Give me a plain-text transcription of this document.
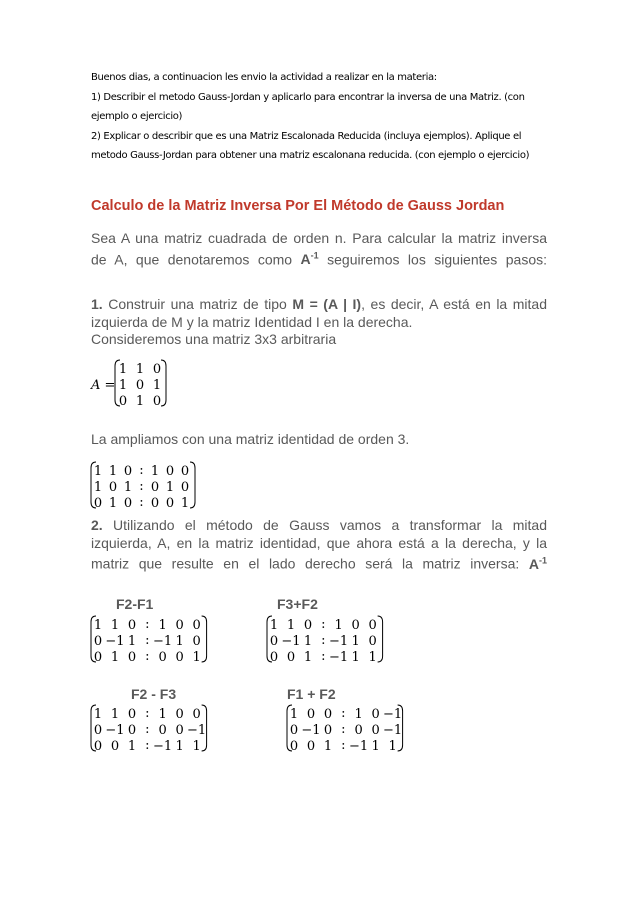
Buenos dias, a continuacion les envio la actividad a realizar en la materia:
1) Describir el metodo Gauss-Jordan y aplicarlo para encontrar la inversa de una Matriz. (con
ejemplo o ejercicio)
2) Explicar o describir que es una Matriz Escalonada Reducida (incluya ejemplos). Aplique el
metodo Gauss-Jordan para obtener una matriz escalonana reducida. (con ejemplo o ejercicio)
Calculo de la Matriz Inversa Por El Método de Gauss Jordan
Sea A una matriz cuadrada de orden n. Para calcular la matriz inversa
de A, que denotaremos como $A^{-1}$ seguiremos los siguientes pasos:
1. Construir una matriz de tipo M = (A | I), es decir, A está en la mitad
izquierda de M y la matriz Identidad I en la derecha.
Consideremos una matriz 3x3 arbitraria
A =
1 1 0
1 0 1
0 1 0
La ampliamos con una matriz identidad de orden 3.
1 1 0
1 0 1
0 1 0
:
:
:
1 0 0
0 1 0
0 0 1
2. Utilizando el método de Gauss vamos a transformar la mitad
izquierda, A, en la matriz identidad, que ahora está a la derecha, y la
matriz que resulte en el lado derecho será la matriz inversa: $A^{-1}$
F2-F1	F3+F2
F2 - F3	F1 + F2
1 1 0
0 −1 1
0 1 0
:
:
:
1 0 0
−1 1 0
0 0 1
1 1 0
0 −1 1
0 0 1
:
:
:
1 0 0
−1 1 0
−1 1 1
1 1 0
0 −1 0
0 0 1
:
:
:
1 0 0
0 0 −1
−1 1 1
1 0 0
0 −1 0
0 0 1
:
:
:
1 0 −1
0 0 −1
−1 1 1
